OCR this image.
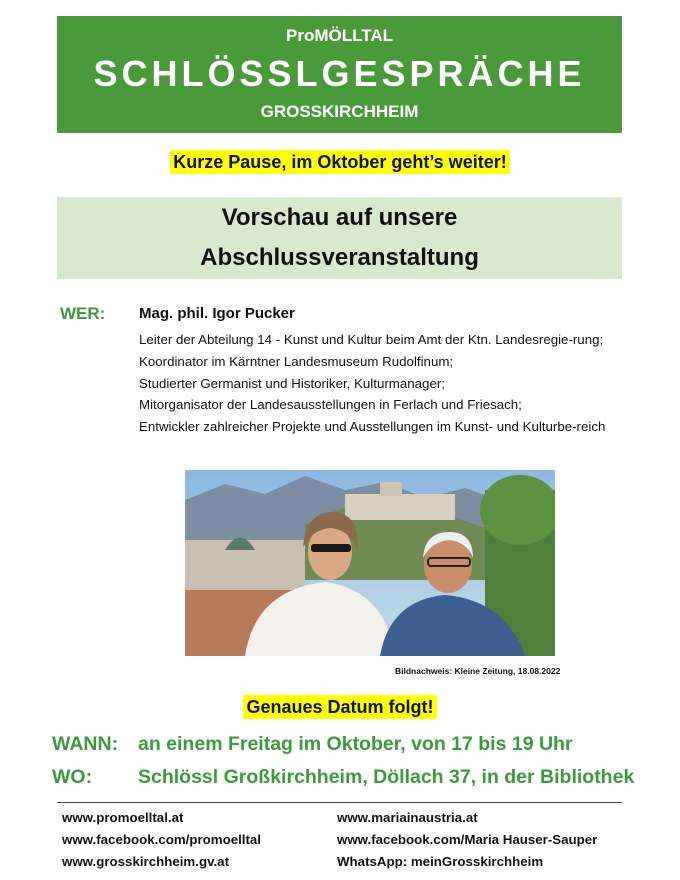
ProMÖLLTAL
SCHLÖSSLGESPRÄCHE
GROSSKIRCHHEIM
Kurze Pause, im Oktober geht’s weiter!
Vorschau auf unsere
Abschlussveranstaltung
WER: Mag. phil. Igor Pucker

Leiter der Abteilung 14 - Kunst und Kultur beim Amt der Ktn. Landesregie-rung;

Koordinator im Kärntner Landesmuseum Rudolfinum;

Studierter Germanist und Historiker, Kulturmanager;

Mitorganisator der Landesausstellungen in Ferlach und Friesach;

Entwickler zahlreicher Projekte und Ausstellungen im Kunst- und Kulturbe-reich

Bildnachweis: Kleine Zeitung, 18.08.2022
Genaues Datum folgt!
WANN: an einem Freitag im Oktober, von 17 bis 19 Uhr
WO: Schlössl Großkirchheim, Döllach 37, in der Bibliothek
www.promoelltal.at
www.facebook.com/promoelltal
www.grosskirchheim.gv.at
www.mariainaustria.at
www.facebook.com/Maria Hauser-Sauper
WhatsApp: meinGrosskirchheim
